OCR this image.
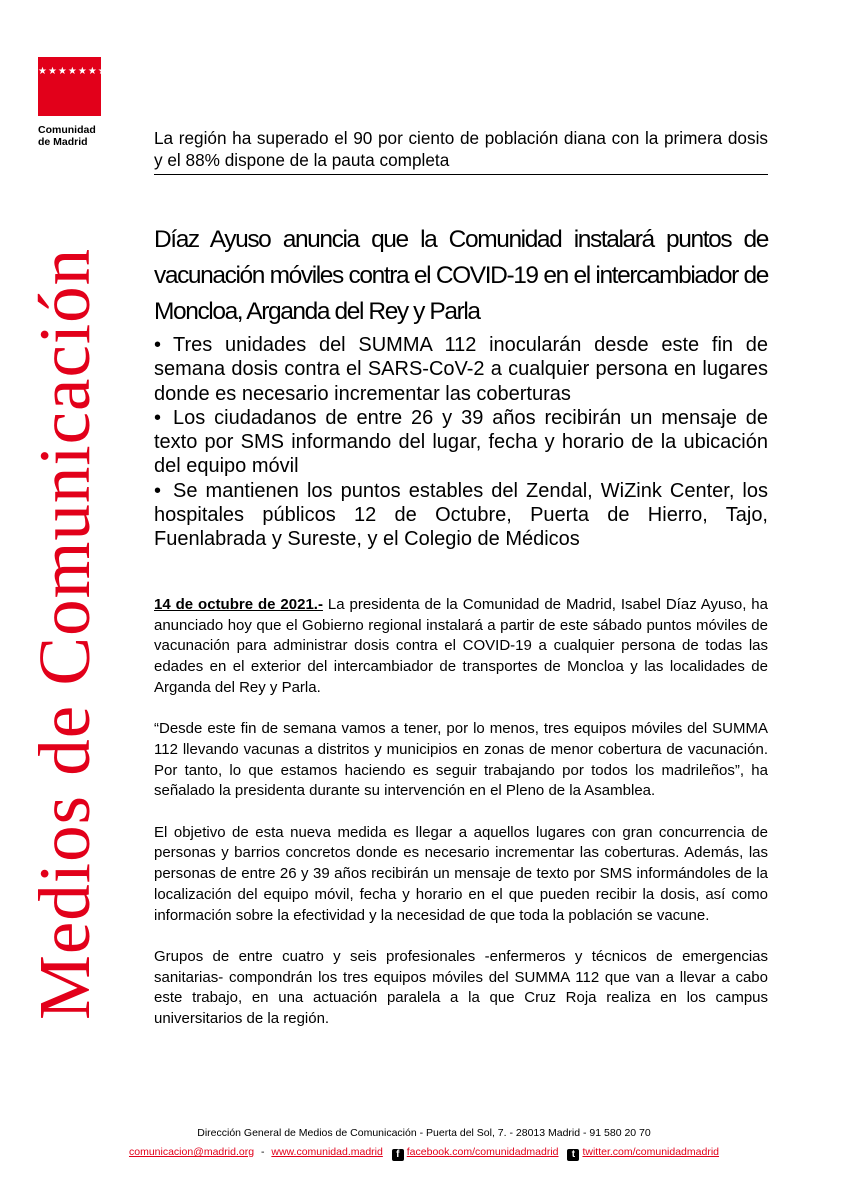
★★★★★★★
Comunidad
de Madrid
Medios de Comunicación
La región ha superado el 90 por ciento de población diana con la primera dosis y el 88% dispone de la pauta completa
Díaz Ayuso anuncia que la Comunidad instalará puntos de vacunación móviles contra el COVID-19 en el intercambiador de Moncloa, Arganda del Rey y Parla
• Tres unidades del SUMMA 112 inocularán desde este fin de semana dosis contra el SARS-CoV-2 a cualquier persona en lugares donde es necesario incrementar las coberturas
• Los ciudadanos de entre 26 y 39 años recibirán un mensaje de texto por SMS informando del lugar, fecha y horario de la ubicación del equipo móvil
• Se mantienen los puntos estables del Zendal, WiZink Center, los hospitales públicos 12 de Octubre, Puerta de Hierro, Tajo, Fuenlabrada y Sureste, y el Colegio de Médicos

14 de octubre de 2021.- La presidenta de la Comunidad de Madrid, Isabel Díaz Ayuso, ha anunciado hoy que el Gobierno regional instalará a partir de este sábado puntos móviles de vacunación para administrar dosis contra el COVID-19 a cualquier persona de todas las edades en el exterior del intercambiador de transportes de Moncloa y las localidades de Arganda del Rey y Parla.

“Desde este fin de semana vamos a tener, por lo menos, tres equipos móviles del SUMMA 112 llevando vacunas a distritos y municipios en zonas de menor cobertura de vacunación. Por tanto, lo que estamos haciendo es seguir trabajando por todos los madrileños”, ha señalado la presidenta durante su intervención en el Pleno de la Asamblea.

El objetivo de esta nueva medida es llegar a aquellos lugares con gran concurrencia de personas y barrios concretos donde es necesario incrementar las coberturas. Además, las personas de entre 26 y 39 años recibirán un mensaje de texto por SMS informándoles de la localización del equipo móvil, fecha y horario en el que pueden recibir la dosis, así como información sobre la efectividad y la necesidad de que toda la población se vacune.

Grupos de entre cuatro y seis profesionales -enfermeros y técnicos de emergencias sanitarias- compondrán los tres equipos móviles del SUMMA 112 que van a llevar a cabo este trabajo, en una actuación paralela a la que Cruz Roja realiza en los campus universitarios de la región.

Dirección General de Medios de Comunicación - Puerta del Sol, 7. - 28013 Madrid - 91 580 20 70
comunicacion@madrid.org - www.comunidad.madrid f facebook.com/comunidadmadrid t twitter.com/comunidadmadrid
